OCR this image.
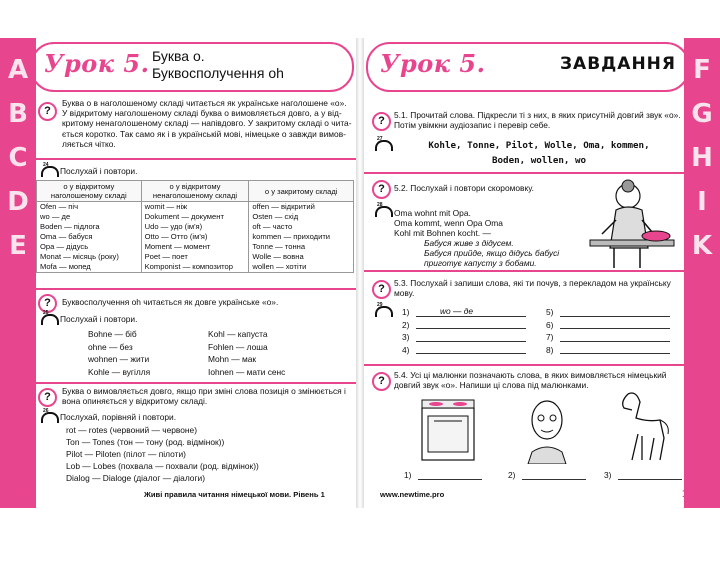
A
B
C
D
E
F
G
H
I
K
Урок 5. Буква о.
Буквосполучення oh
?
Буква о в наголошеному складі читається як українське наголошене «о».
У відкритому наголошеному складі буква о вимовляється довго, а у від-
критому ненаголошеному складі — напівдовго. У закритому складі о чита-
ється коротко. Так само як і в українській мові, німецьке о завжди вимов-
ляється чітко.
24
Послухай і повтори.
о у відкритому наголошеному складі	о у відкритому ненаголошеному складі	о у закритому складі
Ofen — піч	womit — ніж	offen — відкритий
wo — де	Dokument — документ	Osten — схід
Boden — підлога	Udo — удо (ім'я)	oft — часто
Oma — бабуся	Otto — Отто (ім'я)	kommen — приходити
Opa — дідусь	Moment — момент	Tonne — тонна
Monat — місяць (року)	Poet — поет	Wolle — вовна
Mofa — мопед	Komponist — композитор	wollen — хотіти
?	Буквосполучення oh читається як довге українське «о».
25
Послухай і повтори.
Bohne — біб
ohne — без
wohnen — жити
Kohle — вугілля
Kohl — капуста
Fohlen — лоша
Mohn — мак
Iohnen — мати сенс
?	Буква о вимовляється довго, якщо при зміні слова позиція о змінюється і
вона опиняється у відкритому складі.
26
Послухай, порівняй і повтори.
rot — rotes (червоний — червоне)
Ton — Tones (тон — тону (род. відмінок))
Pilot — Piloten (пілот — пілоти)
Lob — Lobes (похвала — похвали (род. відмінок))
Dialog — Dialoge (діалог — діалоги)
Живі правила читання німецької мови. Рівень 1
12
Урок 5.	ЗАВДАННЯ
?	5.1. Прочитай слова. Підкресли ті з них, в яких присутній довгий звук «о».
Потім увімкни аудіозапис і перевір себе.
27
Kohle, Tonne, Pilot, Wolle, Oma, kommen,
Boden, wollen, wo
?	5.2. Послухай і повтори скоромовку.
28
Oma wohnt mit Opa.
Oma kommt, wenn Opa Oma
Kohl mit Bohnen kocht. —
Бабуся живе з дідусем.
Бабуся прийде, якщо дідусь бабусі
приготує капусту з бобами.
?	5.3. Послухай і запиши слова, які ти почув, з перекладом на українську
мову.
29
1)
2)
3)
4)
wo — де	5)
6)
7)
8)
?	5.4. Усі ці малюнки позначають слова, в яких вимовляється німецький
довгий звук «о». Напиши ці слова під малюнками.
1)	2)	3)
www.newtime.pro	13
